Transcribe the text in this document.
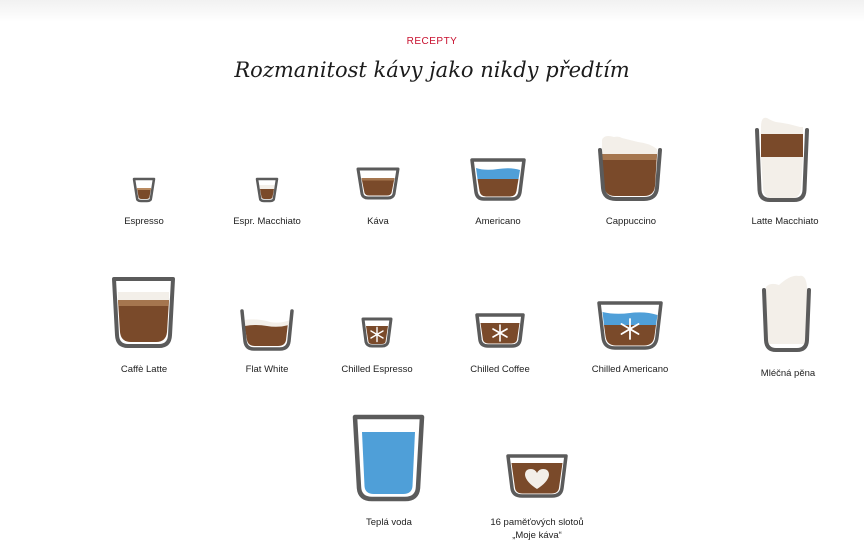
RECEPTY
Rozmanitost kávy jako nikdy předtím
Espresso	Espr. Macchiato	Káva	Americano	Cappuccino	Latte Macchiato
Caffè Latte	Flat White	Chilled Espresso	Chilled Coffee	Chilled Americano	Mléčná pěna
Teplá voda	16 paměťových slotoů
„Moje káva“
